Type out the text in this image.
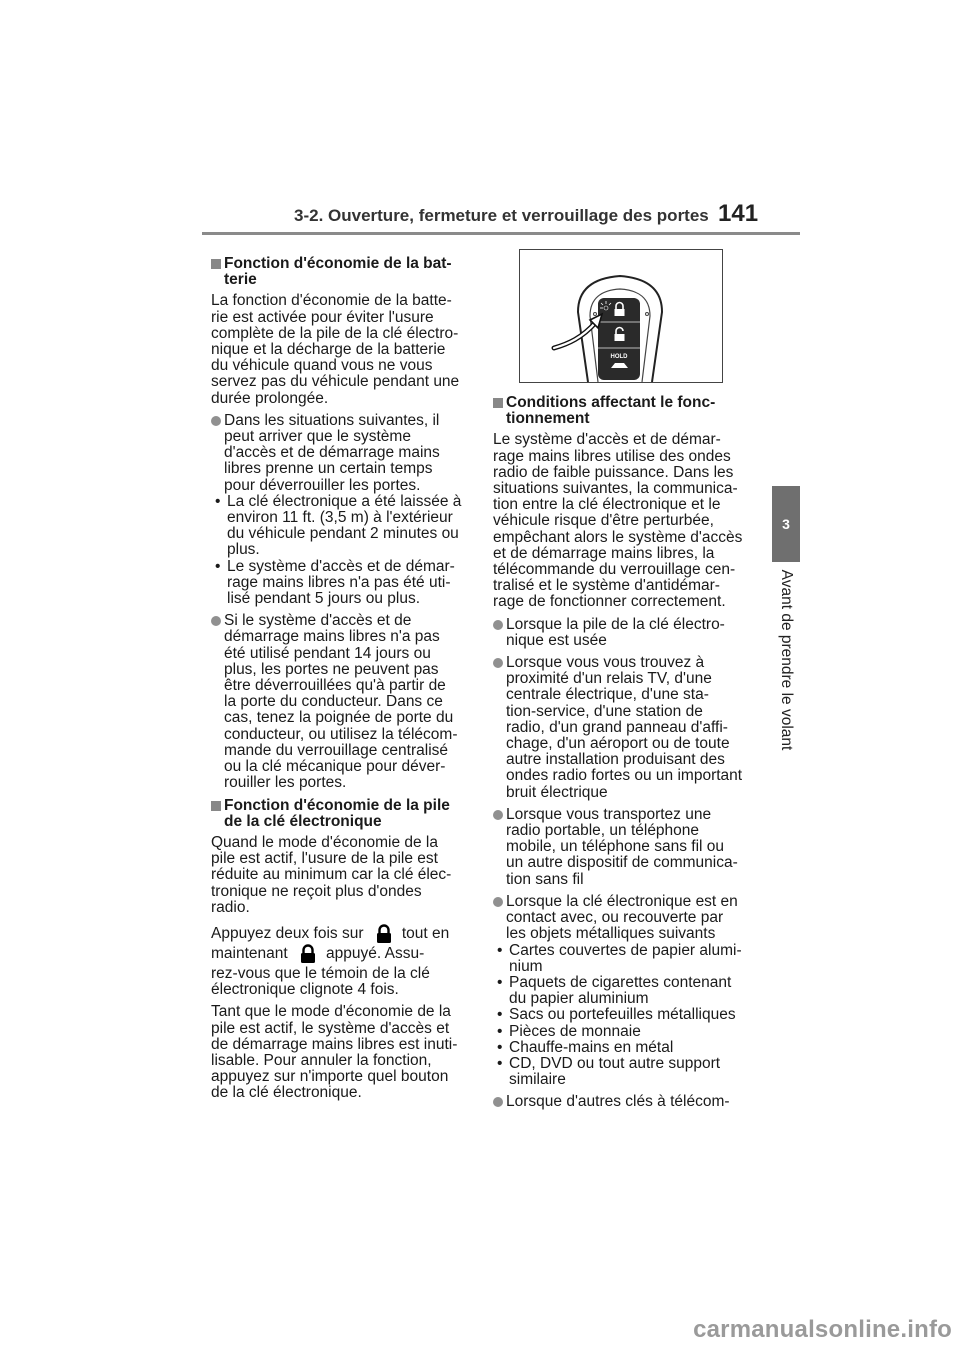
3-2. Ouverture, fermeture et verrouillage des portes 141
3
Avant de prendre le volant
Fonction d'économie de la bat-
terie

La fonction d'économie de la batte-
rie est activée pour éviter l'usure
complète de la pile de la clé électro-
nique et la décharge de la batterie
du véhicule quand vous ne vous
servez pas du véhicule pendant une
durée prolongée.

Dans les situations suivantes, il
peut arriver que le système
d'accès et de démarrage mains
libres prenne un certain temps
pour déverrouiller les portes.
• La clé électronique a été laissée à
environ 11 ft. (3,5 m) à l'extérieur
du véhicule pendant 2 minutes ou
plus.
• Le système d'accès et de démar-
rage mains libres n'a pas été uti-
lisé pendant 5 jours ou plus.
Si le système d'accès et de
démarrage mains libres n'a pas
été utilisé pendant 14 jours ou
plus, les portes ne peuvent pas
être déverrouillées qu'à partir de
la porte du conducteur. Dans ce
cas, tenez la poignée de porte du
conducteur, ou utilisez la télécom-
mande du verrouillage centralisé
ou la clé mécanique pour déver-
rouiller les portes.
Fonction d'économie de la pile
de la clé électronique

Quand le mode d'économie de la
pile est actif, l'usure de la pile est
réduite au minimum car la clé élec-
tronique ne reçoit plus d'ondes
radio.

Appuyez deux fois sur tout en
maintenant appuyé. Assu-

rez-vous que le témoin de la clé
électronique clignote 4 fois.

Tant que le mode d'économie de la
pile est actif, le système d'accès et
de démarrage mains libres est inuti-
lisable. Pour annuler la fonction,
appuyez sur n'importe quel bouton
de la clé électronique.

HOLD
Conditions affectant le fonc-
tionnement

Le système d'accès et de démar-
rage mains libres utilise des ondes
radio de faible puissance. Dans les
situations suivantes, la communica-
tion entre la clé électronique et le
véhicule risque d'être perturbée,
empêchant alors le système d'accès
et de démarrage mains libres, la
télécommande du verrouillage cen-
tralisé et le système d'antidémar-
rage de fonctionner correctement.

Lorsque la pile de la clé électro-
nique est usée
Lorsque vous vous trouvez à
proximité d'un relais TV, d'une
centrale électrique, d'une sta-
tion-service, d'une station de
radio, d'un grand panneau d'affi-
chage, d'un aéroport ou de toute
autre installation produisant des
ondes radio fortes ou un important
bruit électrique
Lorsque vous transportez une
radio portable, un téléphone
mobile, un téléphone sans fil ou
un autre dispositif de communica-
tion sans fil
Lorsque la clé électronique est en
contact avec, ou recouverte par
les objets métalliques suivants
• Cartes couvertes de papier alumi-
nium
• Paquets de cigarettes contenant
du papier aluminium
• Sacs ou portefeuilles métalliques
• Pièces de monnaie
• Chauffe-mains en métal
• CD, DVD ou tout autre support
similaire
Lorsque d'autres clés à télécom-
carmanualsonline.info
